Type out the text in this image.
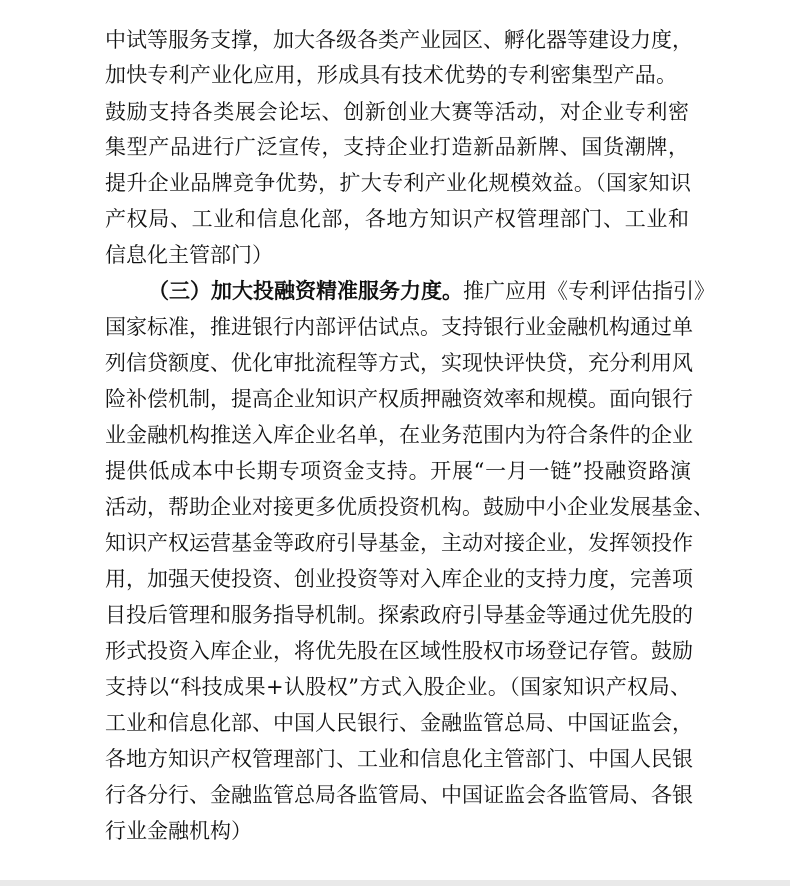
中试等服务支撑，加大各级各类产业园区、孵化器等建设力度，
加快专利产业化应用，形成具有技术优势的专利密集型产品。
鼓励支持各类展会论坛、创新创业大赛等活动，对企业专利密
集型产品进行广泛宣传，支持企业打造新品新牌、国货潮牌，
提升企业品牌竞争优势，扩大专利产业化规模效益。（国家知识
产权局、工业和信息化部，各地方知识产权管理部门、工业和
信息化主管部门）
（三）加大投融资精准服务力度。推广应用《专利评估指引》
国家标准，推进银行内部评估试点。支持银行业金融机构通过单
列信贷额度、优化审批流程等方式，实现快评快贷，充分利用风
险补偿机制，提高企业知识产权质押融资效率和规模。面向银行
业金融机构推送入库企业名单，在业务范围内为符合条件的企业
提供低成本中长期专项资金支持。开展“一月一链”投融资路演
活动，帮助企业对接更多优质投资机构。鼓励中小企业发展基金、
知识产权运营基金等政府引导基金，主动对接企业，发挥领投作
用，加强天使投资、创业投资等对入库企业的支持力度，完善项
目投后管理和服务指导机制。探索政府引导基金等通过优先股的
形式投资入库企业，将优先股在区域性股权市场登记存管。鼓励
支持以“科技成果+认股权”方式入股企业。（国家知识产权局、
工业和信息化部、中国人民银行、金融监管总局、中国证监会，
各地方知识产权管理部门、工业和信息化主管部门、中国人民银
行各分行、金融监管总局各监管局、中国证监会各监管局、各银
行业金融机构）
